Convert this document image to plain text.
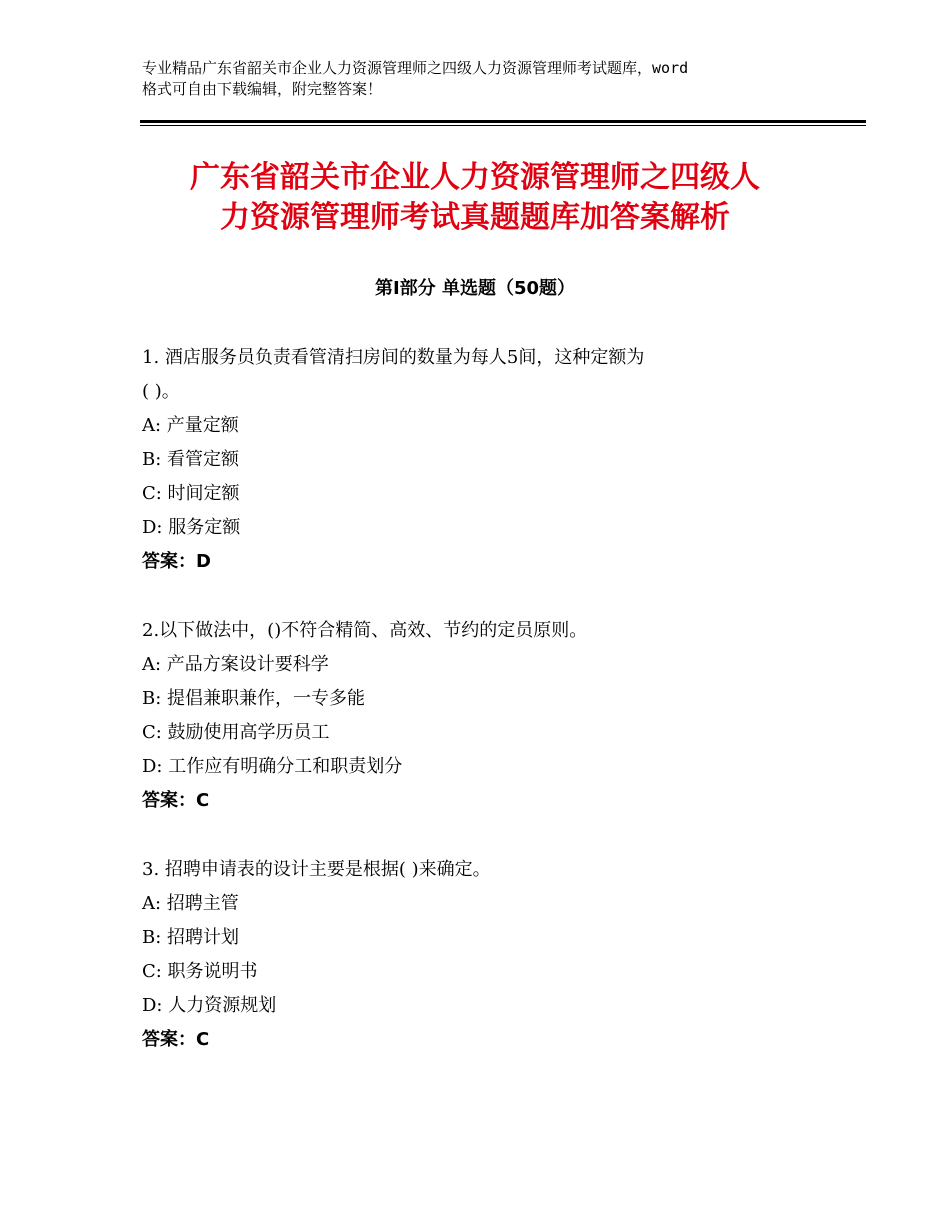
专业精品广东省韶关市企业人力资源管理师之四级人力资源管理师考试题库，word
格式可自由下载编辑，附完整答案！
广东省韶关市企业人力资源管理师之四级人
力资源管理师考试真题题库加答案解析
第Ⅰ部分 单选题（50题）
1. 酒店服务员负责看管清扫房间的数量为每人5间，这种定额为
( )。
A: 产量定额
B: 看管定额
C: 时间定额
D: 服务定额
答案：D
2.以下做法中，()不符合精简、高效、节约的定员原则。
A: 产品方案设计要科学
B: 提倡兼职兼作，一专多能
C: 鼓励使用高学历员工
D: 工作应有明确分工和职责划分
答案：C
3. 招聘申请表的设计主要是根据( )来确定。
A: 招聘主管
B: 招聘计划
C: 职务说明书
D: 人力资源规划
答案：C
